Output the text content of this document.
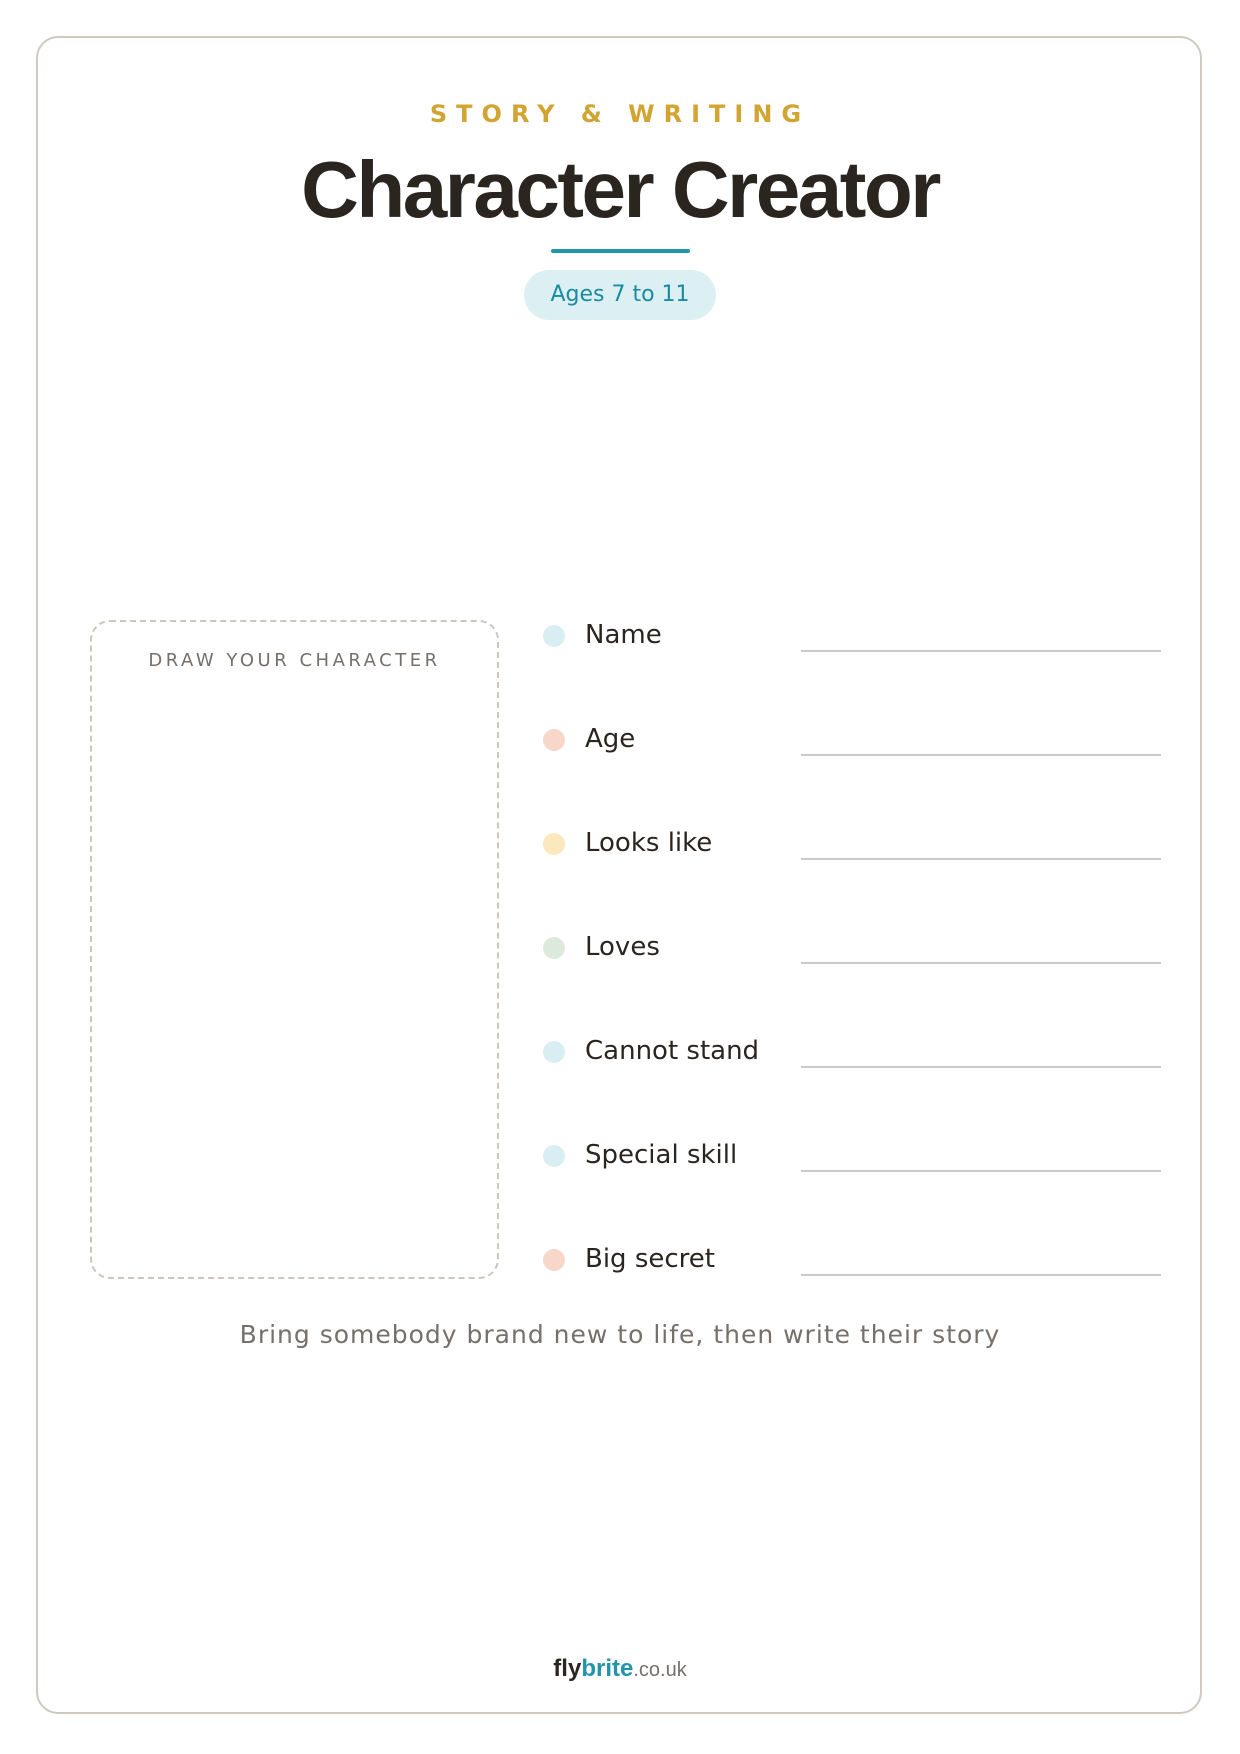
STORY & WRITING
Character Creator
Ages 7 to 11
DRAW YOUR CHARACTER
Name
Age
Looks like
Loves
Cannot stand
Special skill
Big secret
Bring somebody brand new to life, then write their story
flybrite.co.uk
